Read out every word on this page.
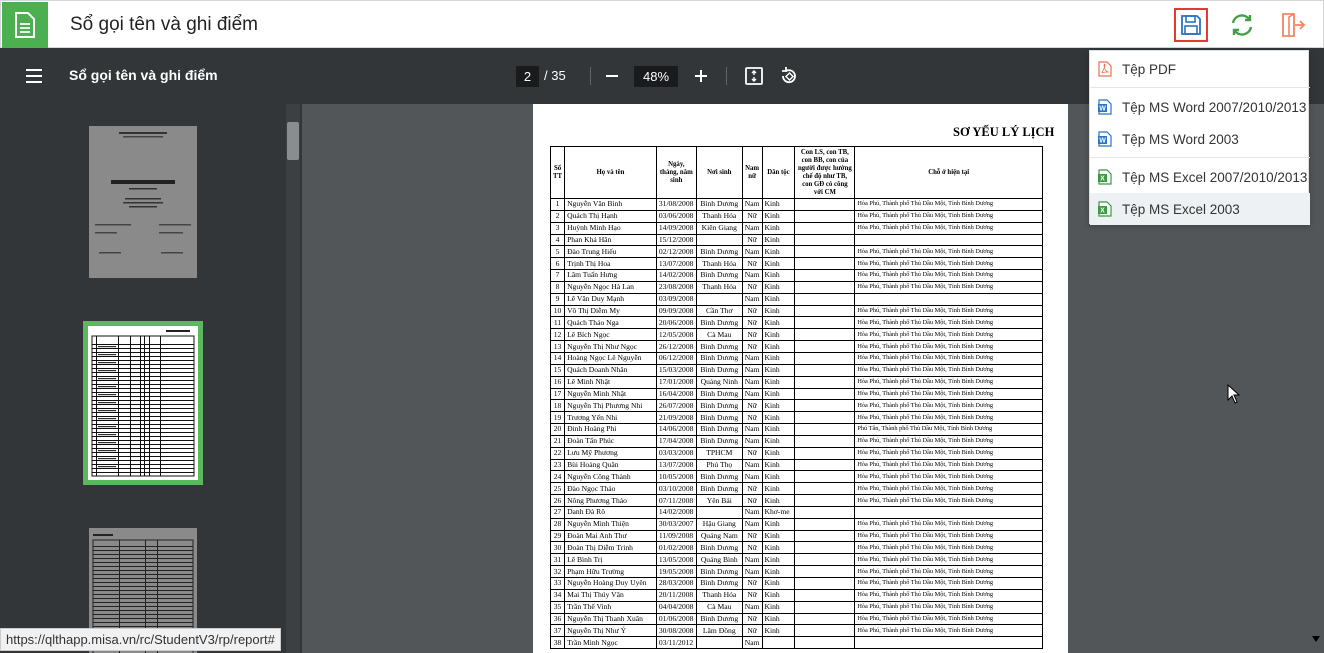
Sổ gọi tên và ghi điểm
Sổ gọi tên và ghi điểm	2 / 35	48%
SƠ YẾU LÝ LỊCH
Số TT	Họ và tên	Ngày, tháng, năm sinh	Nơi sinh	Nam nữ	Dân tộc	Con LS, con TB, con BB, con của người được hưởng chế độ như TB, con GĐ có công với CM	Chỗ ở hiện tại
1	Nguyễn Văn Bình	31/08/2008	Bình Dương	Nam	Kinh		Hòa Phú, Thành phố Thủ Dầu Một, Tỉnh Bình Dương
2	Quách Thị Hạnh	03/06/2008	Thanh Hóa	Nữ	Kinh		Hòa Phú, Thành phố Thủ Dầu Một, Tỉnh Bình Dương
3	Huỳnh Minh Hạo	14/09/2008	Kiên Giang	Nam	Kinh		Hòa Phú, Thành phố Thủ Dầu Một, Tỉnh Bình Dương
4	Phan Khả Hân	15/12/2008		Nữ	Kinh		
5	Đào Trung Hiếu	02/12/2008	Bình Dương	Nam	Kinh		Hòa Phú, Thành phố Thủ Dầu Một, Tỉnh Bình Dương
6	Trịnh Thị Hoa	13/07/2008	Thanh Hóa	Nữ	Kinh		Hòa Phú, Thành phố Thủ Dầu Một, Tỉnh Bình Dương
7	Lâm Tuấn Hưng	14/02/2008	Bình Dương	Nam	Kinh		Hòa Phú, Thành phố Thủ Dầu Một, Tỉnh Bình Dương
8	Nguyễn Ngọc Hà Lan	23/08/2008	Thanh Hóa	Nữ	Kinh		Hòa Phú, Thành phố Thủ Dầu Một, Tỉnh Bình Dương
9	Lê Văn Duy Mạnh	03/09/2008		Nam	Kinh		
10	Võ Thị Diễm My	09/09/2008	Cần Thơ	Nữ	Kinh		Hòa Phú, Thành phố Thủ Dầu Một, Tỉnh Bình Dương
11	Quách Thảo Nga	20/06/2008	Bình Dương	Nữ	Kinh		Hòa Phú, Thành phố Thủ Dầu Một, Tỉnh Bình Dương
12	Lê Bích Ngọc	12/05/2008	Cà Mau	Nữ	Kinh		Hòa Phú, Thành phố Thủ Dầu Một, Tỉnh Bình Dương
13	Nguyễn Thị Như Ngọc	26/12/2008	Bình Dương	Nữ	Kinh		Hòa Phú, Thành phố Thủ Dầu Một, Tỉnh Bình Dương
14	Hoàng Ngọc Lê Nguyễn	06/12/2008	Bình Dương	Nam	Kinh		Hòa Phú, Thành phố Thủ Dầu Một, Tỉnh Bình Dương
15	Quách Doanh Nhân	15/03/2008	Bình Dương	Nam	Kinh		Hòa Phú, Thành phố Thủ Dầu Một, Tỉnh Bình Dương
16	Lê Minh Nhật	17/01/2008	Quảng Ninh	Nam	Kinh		Hòa Phú, Thành phố Thủ Dầu Một, Tỉnh Bình Dương
17	Nguyễn Minh Nhật	16/04/2008	Bình Dương	Nam	Kinh		Hòa Phú, Thành phố Thủ Dầu Một, Tỉnh Bình Dương
18	Nguyễn Thị Phương Nhi	26/07/2008	Bình Dương	Nữ	Kinh		Hòa Phú, Thành phố Thủ Dầu Một, Tỉnh Bình Dương
19	Trương Yến Nhi	21/09/2008	Bình Dương	Nữ	Kinh		Hòa Phú, Thành phố Thủ Dầu Một, Tỉnh Bình Dương
20	Đinh Hoàng Phi	14/06/2008	Bình Dương	Nam	Kinh		Phú Tân, Thành phố Thủ Dầu Một, Tỉnh Bình Dương
21	Đoàn Tấn Phúc	17/04/2008	Bình Dương	Nam	Kinh		Hòa Phú, Thành phố Thủ Dầu Một, Tỉnh Bình Dương
22	Lưu Mỹ Phương	03/03/2008	TPHCM	Nữ	Kinh		Hòa Phú, Thành phố Thủ Dầu Một, Tỉnh Bình Dương
23	Bùi Hoàng Quân	13/07/2008	Phú Thọ	Nam	Kinh		Hòa Phú, Thành phố Thủ Dầu Một, Tỉnh Bình Dương
24	Nguyễn Công Thành	10/05/2008	Bình Dương	Nam	Kinh		Hòa Phú, Thành phố Thủ Dầu Một, Tỉnh Bình Dương
25	Đào Ngọc Thảo	03/10/2008	Bình Dương	Nữ	Kinh		Hòa Phú, Thành phố Thủ Dầu Một, Tỉnh Bình Dương
26	Nông Phương Thảo	07/11/2008	Yên Bái	Nữ	Kinh		Hòa Phú, Thành phố Thủ Dầu Một, Tỉnh Bình Dương
27	Danh Đà Rô	14/02/2008		Nam	Khơ-me		
28	Nguyễn Minh Thiện	30/03/2007	Hậu Giang	Nam	Kinh		Hòa Phú, Thành phố Thủ Dầu Một, Tỉnh Bình Dương
29	Đoàn Mai Anh Thư	11/09/2008	Quảng Nam	Nữ	Kinh		Hòa Phú, Thành phố Thủ Dầu Một, Tỉnh Bình Dương
30	Đoàn Thị Diễm Trinh	01/02/2008	Bình Dương	Nữ	Kinh		Hòa Phú, Thành phố Thủ Dầu Một, Tỉnh Bình Dương
31	Lê Bình Trị	13/05/2008	Quảng Bình	Nam	Kinh		Hòa Phú, Thành phố Thủ Dầu Một, Tỉnh Bình Dương
32	Phạm Hữu Trường	19/05/2008	Bình Dương	Nam	Kinh		Hòa Phú, Thành phố Thủ Dầu Một, Tỉnh Bình Dương
33	Nguyễn Hoàng Duy Uyên	28/03/2008	Bình Dương	Nữ	Kinh		Hòa Phú, Thành phố Thủ Dầu Một, Tỉnh Bình Dương
34	Mai Thị Thúy Vân	20/11/2008	Thanh Hóa	Nữ	Kinh		Hòa Phú, Thành phố Thủ Dầu Một, Tỉnh Bình Dương
35	Trần Thế Vinh	04/04/2008	Cà Mau	Nam	Kinh		Hòa Phú, Thành phố Thủ Dầu Một, Tỉnh Bình Dương
36	Nguyễn Thị Thanh Xuân	01/06/2008	Bình Dương	Nữ	Kinh		Hòa Phú, Thành phố Thủ Dầu Một, Tỉnh Bình Dương
37	Nguyễn Thị Như Ý	30/08/2008	Lâm Đồng	Nữ	Kinh		Hòa Phú, Thành phố Thủ Dầu Một, Tỉnh Bình Dương
38	Trần Minh Ngọc	03/11/2012		Nam			
Tệp PDF
W Tệp MS Word 2007/2010/2013
W Tệp MS Word 2003
X Tệp MS Excel 2007/2010/2013
X Tệp MS Excel 2003
https://qlthapp.misa.vn/rc/StudentV3/rp/report#
